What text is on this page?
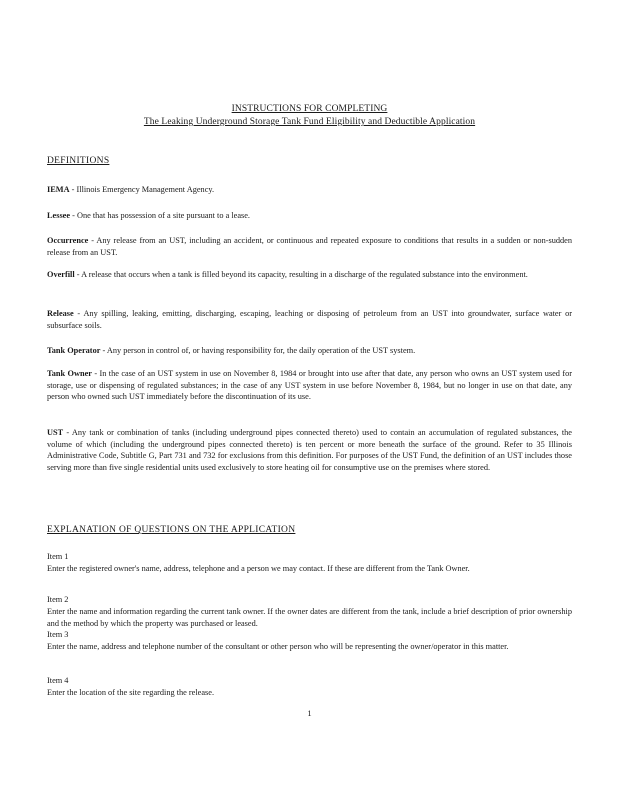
INSTRUCTIONS FOR COMPLETING
The Leaking Underground Storage Tank Fund Eligibility and Deductible Application
DEFINITIONS
IEMA - Illinois Emergency Management Agency.
Lessee - One that has possession of a site pursuant to a lease.
Occurrence - Any release from an UST, including an accident, or continuous and repeated exposure to conditions that results in a sudden or non-sudden release from an UST.
Overfill - A release that occurs when a tank is filled beyond its capacity, resulting in a discharge of the regulated substance into the environment.
Release - Any spilling, leaking, emitting, discharging, escaping, leaching or disposing of petroleum from an UST into groundwater, surface water or subsurface soils.
Tank Operator - Any person in control of, or having responsibility for, the daily operation of the UST system.
Tank Owner - In the case of an UST system in use on November 8, 1984 or brought into use after that date, any person who owns an UST system used for storage, use or dispensing of regulated substances; in the case of any UST system in use before November 8, 1984, but no longer in use on that date, any person who owned such UST immediately before the discontinuation of its use.
UST - Any tank or combination of tanks (including underground pipes connected thereto) used to contain an accumulation of regulated substances, the volume of which (including the underground pipes connected thereto) is ten percent or more beneath the surface of the ground. Refer to 35 Illinois Administrative Code, Subtitle G, Part 731 and 732 for exclusions from this definition. For purposes of the UST Fund, the definition of an UST includes those serving more than five single residential units used exclusively to store heating oil for consumptive use on the premises where stored.
EXPLANATION OF QUESTIONS ON THE APPLICATION
Item 1
Enter the registered owner's name, address, telephone and a person we may contact. If these are different from the Tank Owner.
Item 2
Enter the name and information regarding the current tank owner. If the owner dates are different from the tank, include a brief description of prior ownership and the method by which the property was purchased or leased.
Item 3
Enter the name, address and telephone number of the consultant or other person who will be representing the owner/operator in this matter.
Item 4
Enter the location of the site regarding the release.
1
